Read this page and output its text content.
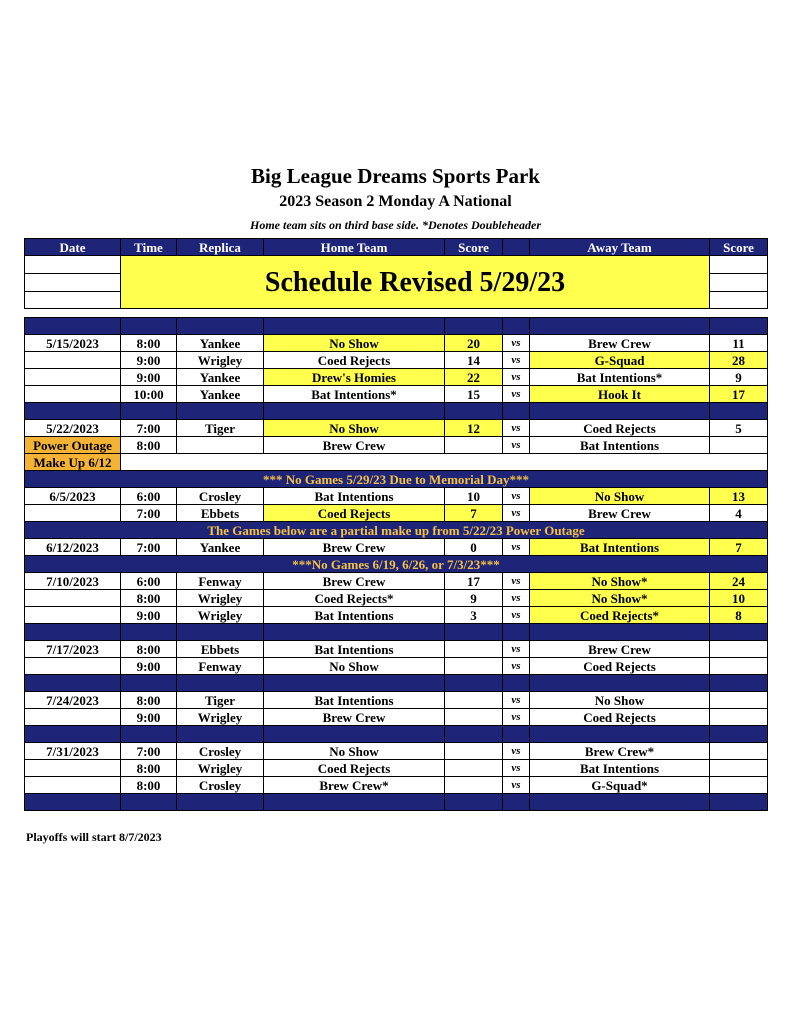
Big League Dreams Sports Park
2023 Season 2 Monday A National
Home team sits on third base side. *Denotes Doubleheader
Date	Time	Replica	Home Team	Score		Away Team	Score

	Schedule Revised 5/29/23						

5/15/2023	8:00	Yankee	No Show	20	vs	Brew Crew	11
	9:00	Wrigley	Coed Rejects	14	vs	G-Squad	28
	9:00	Yankee	Drew's Homies	22	vs	Bat Intentions*	9
	10:00	Yankee	Bat Intentions*	15	vs	Hook It	17

5/22/2023	7:00	Tiger	No Show	12	vs	Coed Rejects	5
Power Outage	8:00		Brew Crew		vs	Bat Intentions	
Make Up 6/12							
*** No Games 5/29/23 Due to Memorial Day***							
6/5/2023	6:00	Crosley	Bat Intentions	10	vs	No Show	13
	7:00	Ebbets	Coed Rejects	7	vs	Brew Crew	4
The Games below are a partial make up from 5/22/23 Power Outage							
6/12/2023	7:00	Yankee	Brew Crew	0	vs	Bat Intentions	7
***No Games 6/19, 6/26, or 7/3/23***							
7/10/2023	6:00	Fenway	Brew Crew	17	vs	No Show*	24
	8:00	Wrigley	Coed Rejects*	9	vs	No Show*	10
	9:00	Wrigley	Bat Intentions	3	vs	Coed Rejects*	8

7/17/2023	8:00	Ebbets	Bat Intentions		vs	Brew Crew	
	9:00	Fenway	No Show		vs	Coed Rejects	

7/24/2023	8:00	Tiger	Bat Intentions		vs	No Show	
	9:00	Wrigley	Brew Crew		vs	Coed Rejects	

7/31/2023	7:00	Crosley	No Show		vs	Brew Crew*	
	8:00	Wrigley	Coed Rejects		vs	Bat Intentions	
	8:00	Crosley	Brew Crew*		vs	G-Squad*	

Playoffs will start 8/7/2023
